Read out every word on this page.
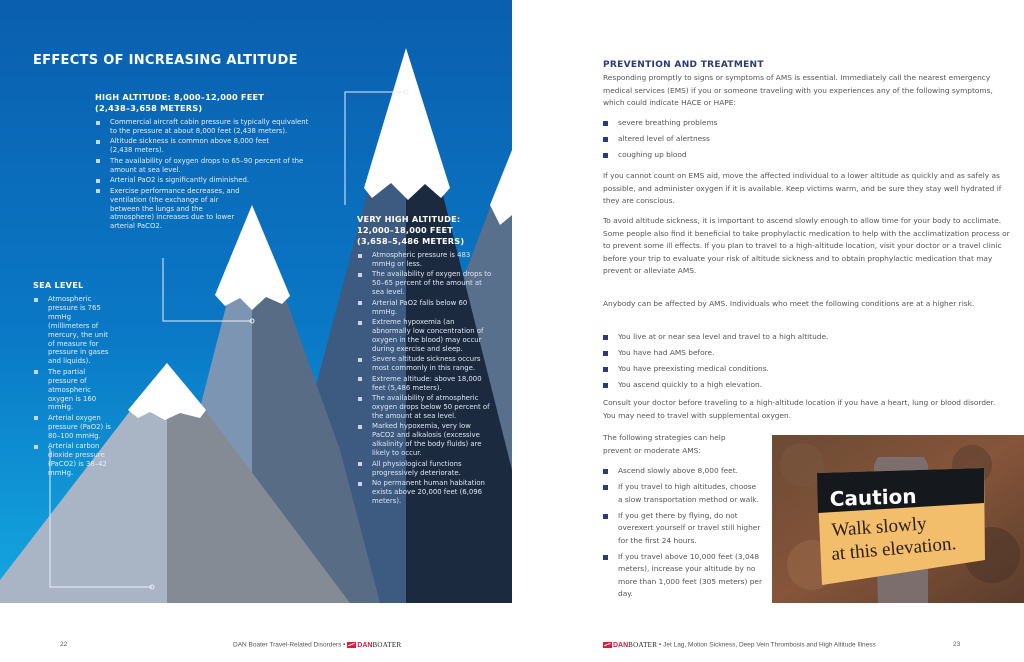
EFFECTS OF INCREASING ALTITUDE
HIGH ALTITUDE: 8,000–12,000 FEET
(2,438–3,658 METERS)
Commercial aircraft cabin pressure is typically equivalent to the pressure at about 8,000 feet (2,438 meters).
Altitude sickness is common above 8,000 feet (2,438 meters).
The availability of oxygen drops to 65–90 percent of the amount at sea level.
Arterial PaO2 is significantly diminished.
Exercise performance decreases, and ventilation (the exchange of air between the lungs and the atmosphere) increases due to lower arterial PaCO2.
SEA LEVEL
Atmospheric pressure is 765 mmHg (millimeters of mercury, the unit of measure for pressure in gases and liquids).
The partial pressure of atmospheric oxygen is 160 mmHg.
Arterial oxygen pressure (PaO2) is 80–100 mmHg.
Arterial carbon dioxide pressure (PaCO2) is 38–42 mmHg.
VERY HIGH ALTITUDE:
12,000–18,000 FEET
(3,658–5,486 METERS)
Atmospheric pressure is 483 mmHg or less.
The availability of oxygen drops to 50–65 percent of the amount at sea level.
Arterial PaO2 falls below 60 mmHg.
Extreme hypoxemia (an abnormally low concentration of oxygen in the blood) may occur during exercise and sleep.
Severe altitude sickness occurs most commonly in this range.
Extreme altitude: above 18,000 feet (5,486 meters).
The availability of atmospheric oxygen drops below 50 percent of the amount at sea level.
Marked hypoxemia, very low PaCO2 and alkalosis (excessive alkalinity of the body fluids) are likely to occur.
All physiological functions progressively deteriorate.
No permanent human habitation exists above 20,000 feet (6,096 meters).
22	DAN Boater Travel-Related Disorders • DANBOATER
PREVENTION AND TREATMENT

Responding promptly to signs or symptoms of AMS is essential. Immediately call the nearest emergency medical services (EMS) if you or someone traveling with you experiences any of the following symptoms, which could indicate HACE or HAPE:

severe breathing problems
altered level of alertness
coughing up blood

If you cannot count on EMS aid, move the affected individual to a lower altitude as quickly and as safely as possible, and administer oxygen if it is available. Keep victims warm, and be sure they stay well hydrated if they are conscious.

To avoid altitude sickness, it is important to ascend slowly enough to allow time for your body to acclimate. Some people also find it beneficial to take prophylactic medication to help with the acclimatization process or to prevent some ill effects. If you plan to travel to a high-altitude location, visit your doctor or a travel clinic before your trip to evaluate your risk of altitude sickness and to obtain prophylactic medication that may prevent or alleviate AMS.

Anybody can be affected by AMS. Individuals who meet the following conditions are at a higher risk.

You live at or near sea level and travel to a high altitude.
You have had AMS before.
You have preexisting medical conditions.
You ascend quickly to a high elevation.

Consult your doctor before traveling to a high-altitude location if you have a heart, lung or blood disorder. You may need to travel with supplemental oxygen.

The following strategies can help prevent or moderate AMS:

Ascend slowly above 8,000 feet.
If you travel to high altitudes, choose a slow transportation method or walk.
If you get there by flying, do not overexert yourself or travel still higher for the first 24 hours.
If you travel above 10,000 feet (3,048 meters), increase your altitude by no more than 1,000 feet (305 meters) per day.
Caution
Walk slowly
at this elevation.
DANBOATER • Jet Lag, Motion Sickness, Deep Vein Thrombosis and High Altitude Illness	23
